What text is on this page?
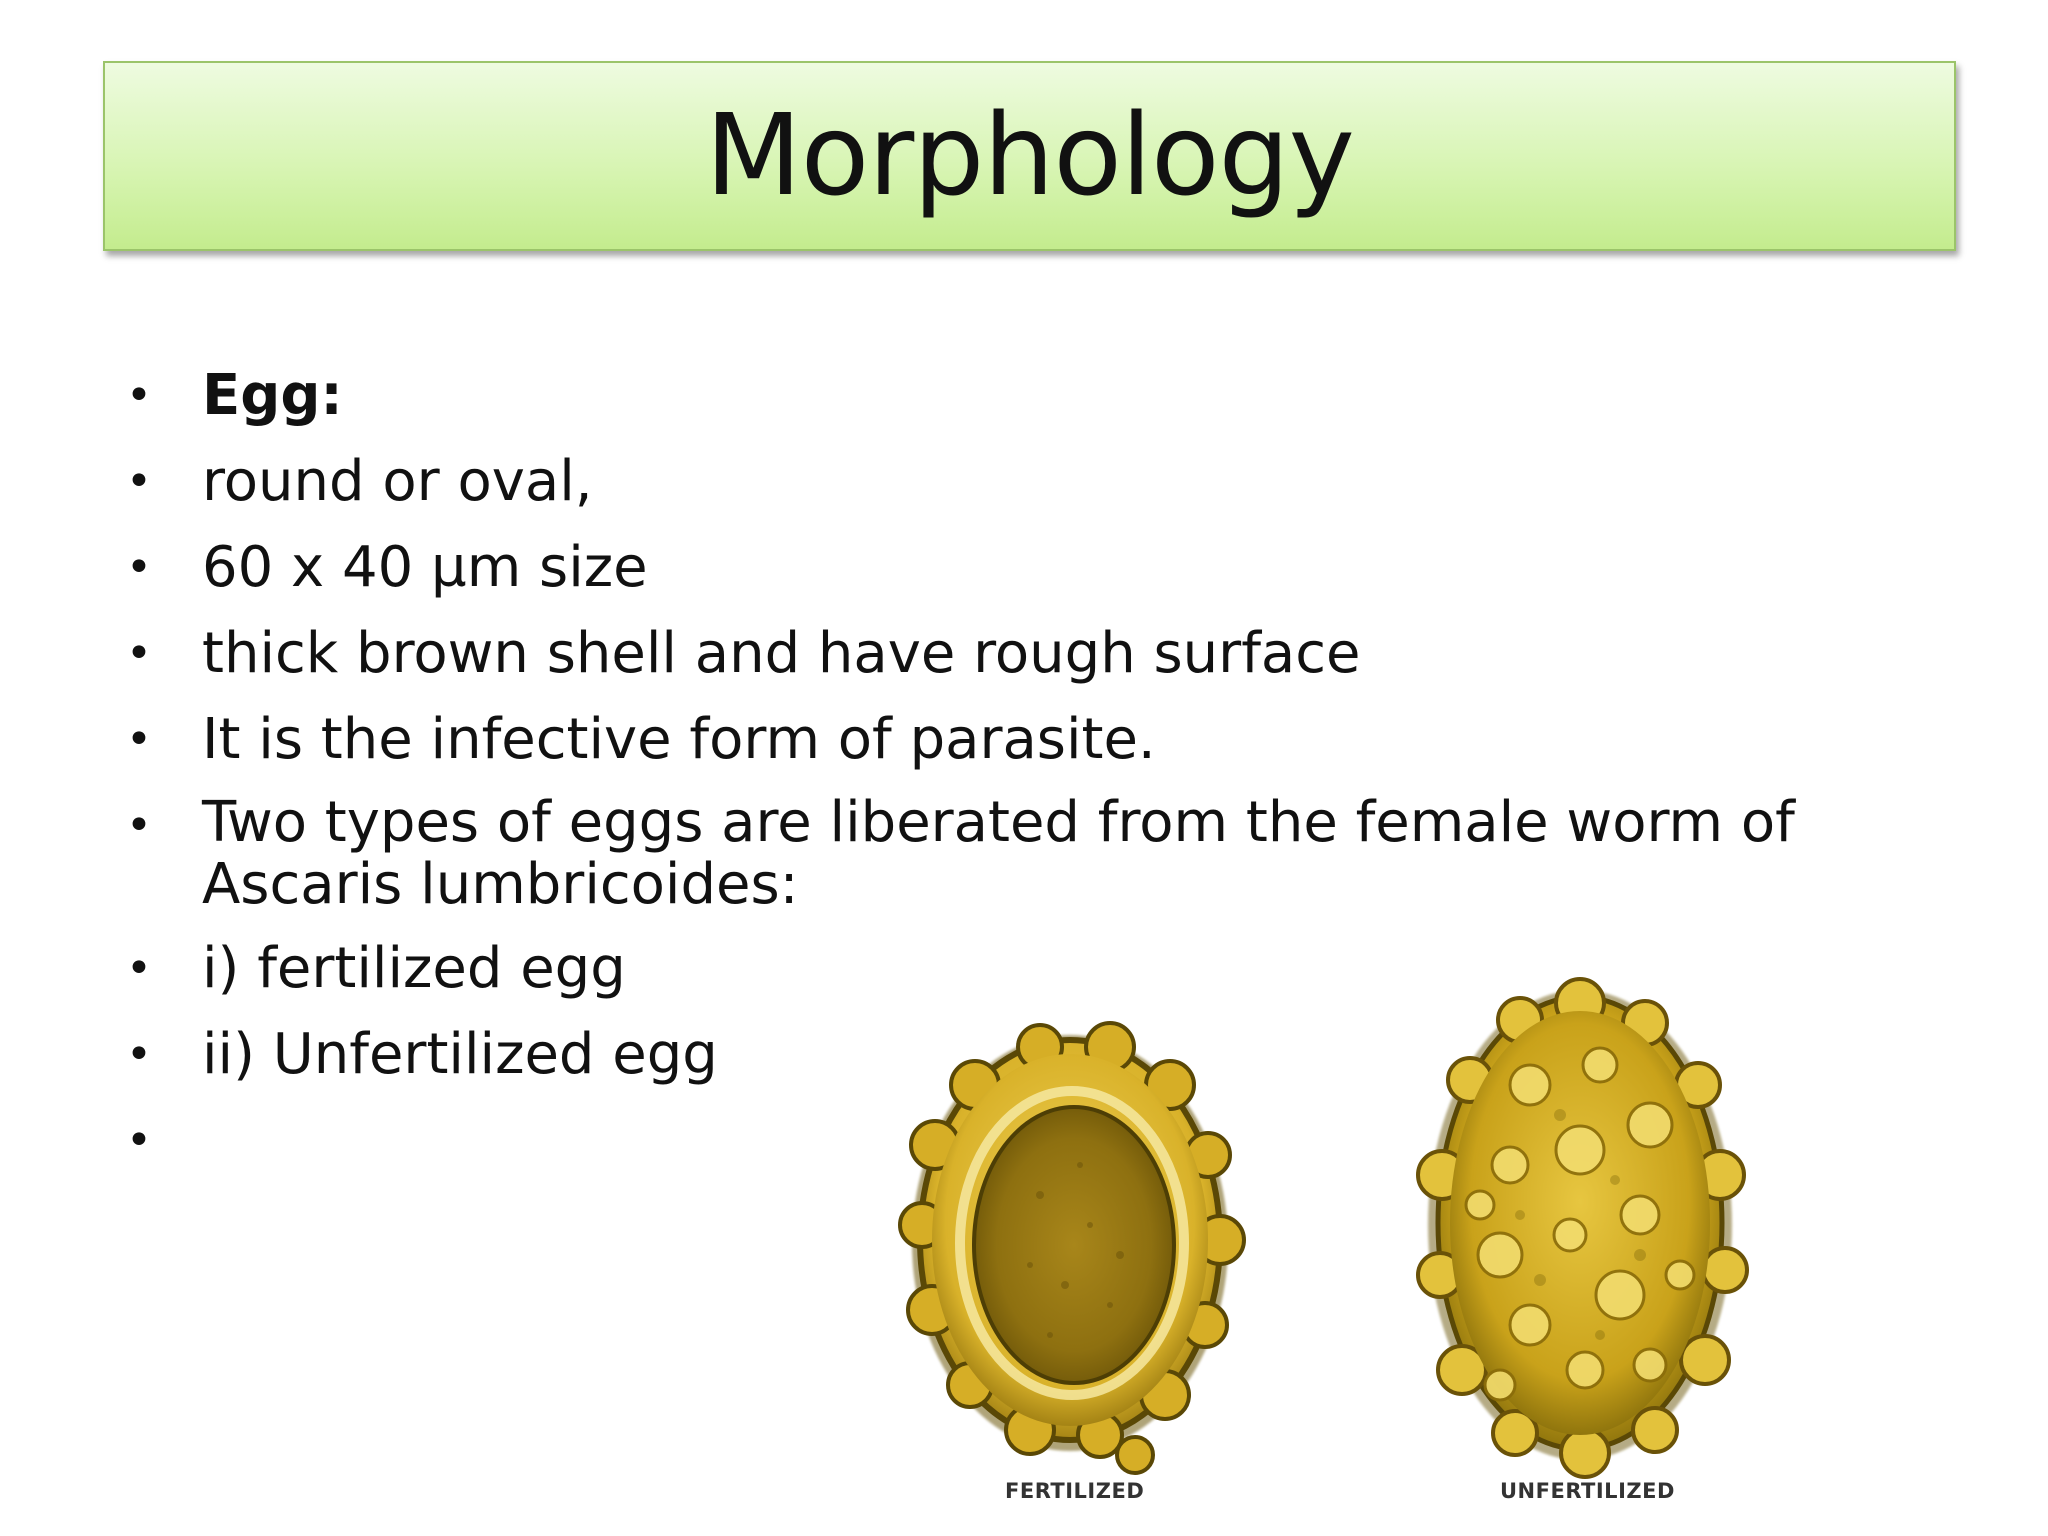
Morphology
• Egg:
• round or oval,
• 60 x 40 µm size
• thick brown shell and have rough surface
• It is the infective form of parasite.
• Two types of eggs are liberated from the female worm of Ascaris lumbricoides:
• i) fertilized egg
• ii) Unfertilized egg
•
FERTILIZED	UNFERTILIZED
